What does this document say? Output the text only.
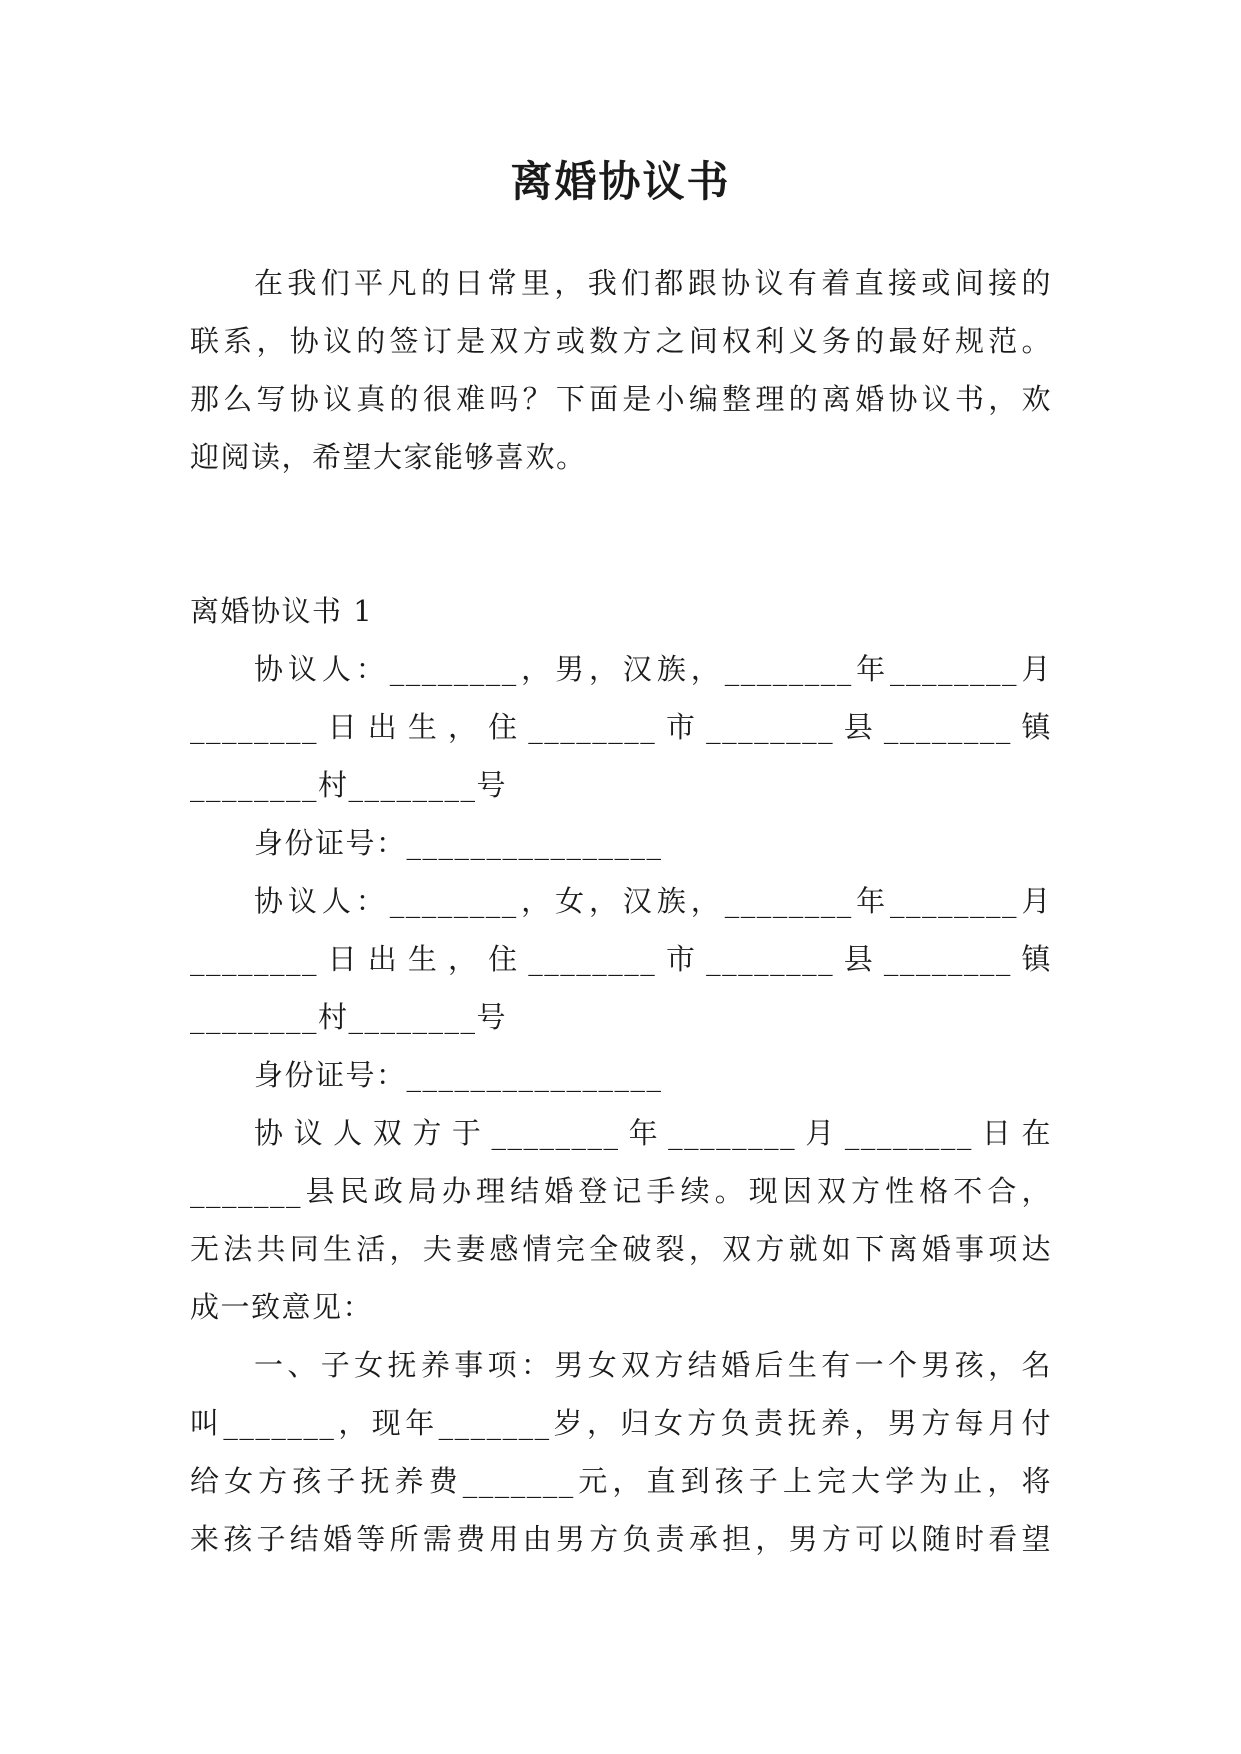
离婚协议书
在我们平凡的日常里，我们都跟协议有着直接或间接的
联系，协议的签订是双方或数方之间权利义务的最好规范。
那么写协议真的很难吗？下面是小编整理的离婚协议书，欢
迎阅读，希望大家能够喜欢。
离婚协议书 1
协议人：________，男，汉族，________年________月
________日出生，住________市________县________镇
________村________号
身份证号：________________
协议人：________，女，汉族，________年________月
________日出生，住________市________县________镇
________村________号
身份证号：________________
协议人双方于________年________月________日在
_______县民政局办理结婚登记手续。现因双方性格不合，
无法共同生活，夫妻感情完全破裂，双方就如下离婚事项达
成一致意见：
一、子女抚养事项：男女双方结婚后生有一个男孩，名
叫_______，现年_______岁，归女方负责抚养，男方每月付
给女方孩子抚养费_______元，直到孩子上完大学为止，将
来孩子结婚等所需费用由男方负责承担，男方可以随时看望
